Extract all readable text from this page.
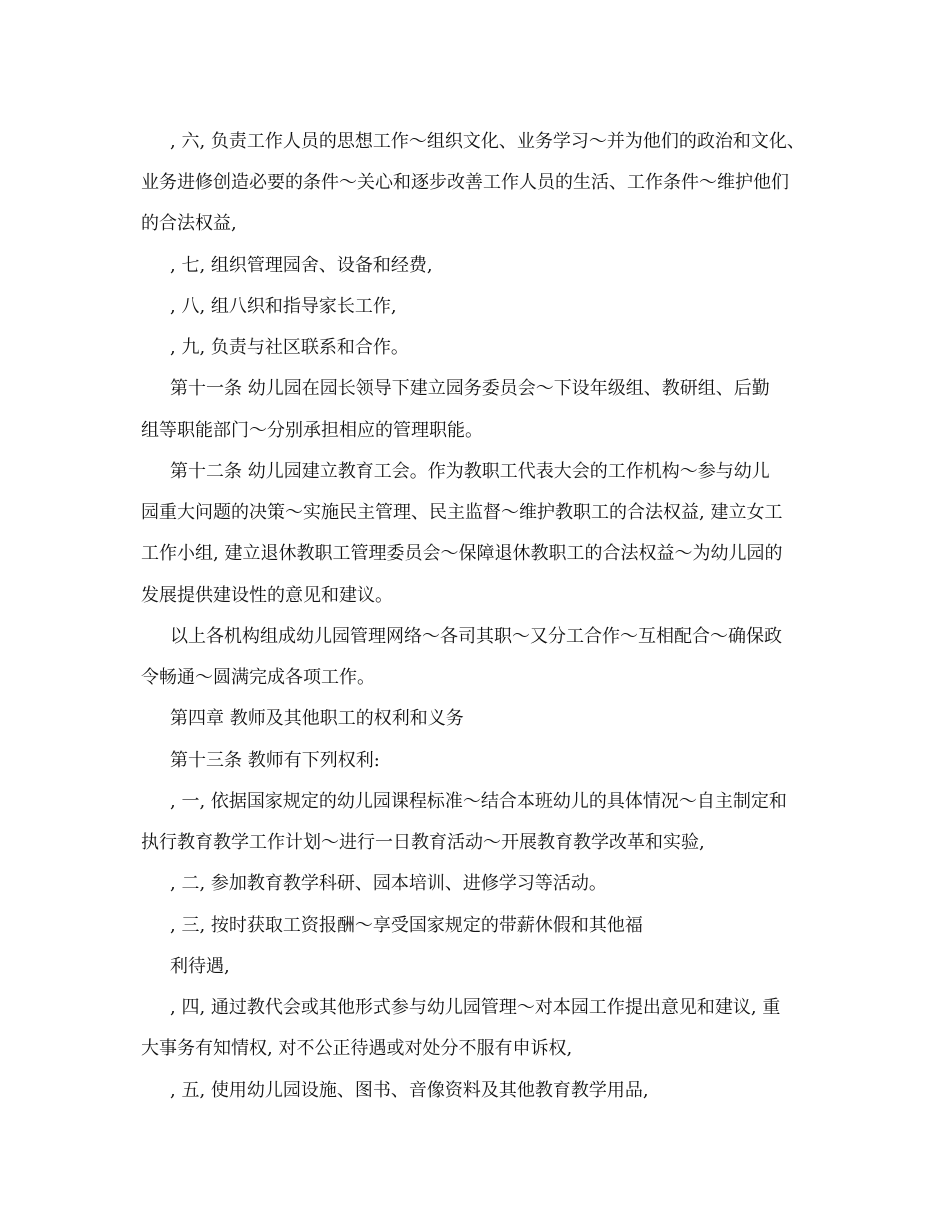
, 六, 负责工作人员的思想工作～组织文化、业务学习～并为他们的政治和文化、
业务进修创造必要的条件～关心和逐步改善工作人员的生活、工作条件～维护他们
的合法权益,
, 七, 组织管理园舍、设备和经费,
, 八, 组八织和指导家长工作,
, 九, 负责与社区联系和合作。
第十一条 幼儿园在园长领导下建立园务委员会～下设年级组、教研组、后勤
组等职能部门～分别承担相应的管理职能。
第十二条 幼儿园建立教育工会。作为教职工代表大会的工作机构～参与幼儿
园重大问题的决策～实施民主管理、民主监督～维护教职工的合法权益, 建立女工
工作小组, 建立退休教职工管理委员会～保障退休教职工的合法权益～为幼儿园的
发展提供建设性的意见和建议。
以上各机构组成幼儿园管理网络～各司其职～又分工合作～互相配合～确保政
令畅通～圆满完成各项工作。
第四章 教师及其他职工的权利和义务
第十三条 教师有下列权利:
, 一, 依据国家规定的幼儿园课程标准～结合本班幼儿的具体情况～自主制定和
执行教育教学工作计划～进行一日教育活动～开展教育教学改革和实验,
, 二, 参加教育教学科研、园本培训、进修学习等活动。
, 三, 按时获取工资报酬～享受国家规定的带薪休假和其他福
利待遇,
, 四, 通过教代会或其他形式参与幼儿园管理～对本园工作提出意见和建议, 重
大事务有知情权, 对不公正待遇或对处分不服有申诉权,
, 五, 使用幼儿园设施、图书、音像资料及其他教育教学用品,
